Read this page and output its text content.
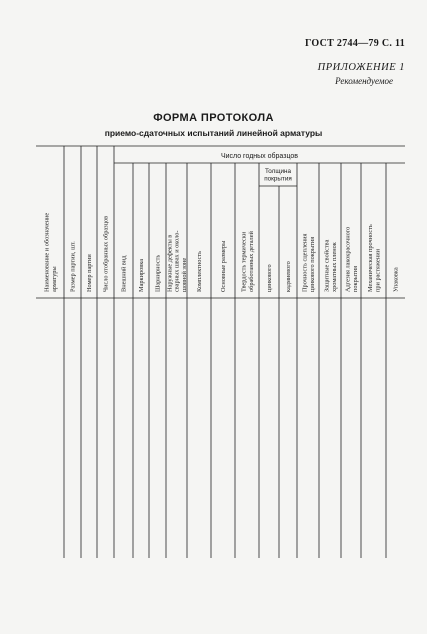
ГОСТ 2744—79 С. 11
ПРИЛОЖЕНИЕ 1
Рекомендуемое
ФОРМА ПРОТОКОЛА
приемо-сдаточных испытаний линейной арматуры
Наименование и обозначениеарматуры Размер партии, шт. Номер партии Число отобранных образцов Внешний вид Маркировка Шарнирность Наружные дефекты всварных швах и около-шовной зоне Комплектность	Основные размеры Твердость термическиобработанных деталей цинкового кадмиевого Прочность сцепленияцинкового покрытия Защитные свойствахроматных пленок Адгезия лакокрасочногопокрытия Механическая прочностьпри растяжении Упаковка
Число годных образцов
Толщина покрытия
